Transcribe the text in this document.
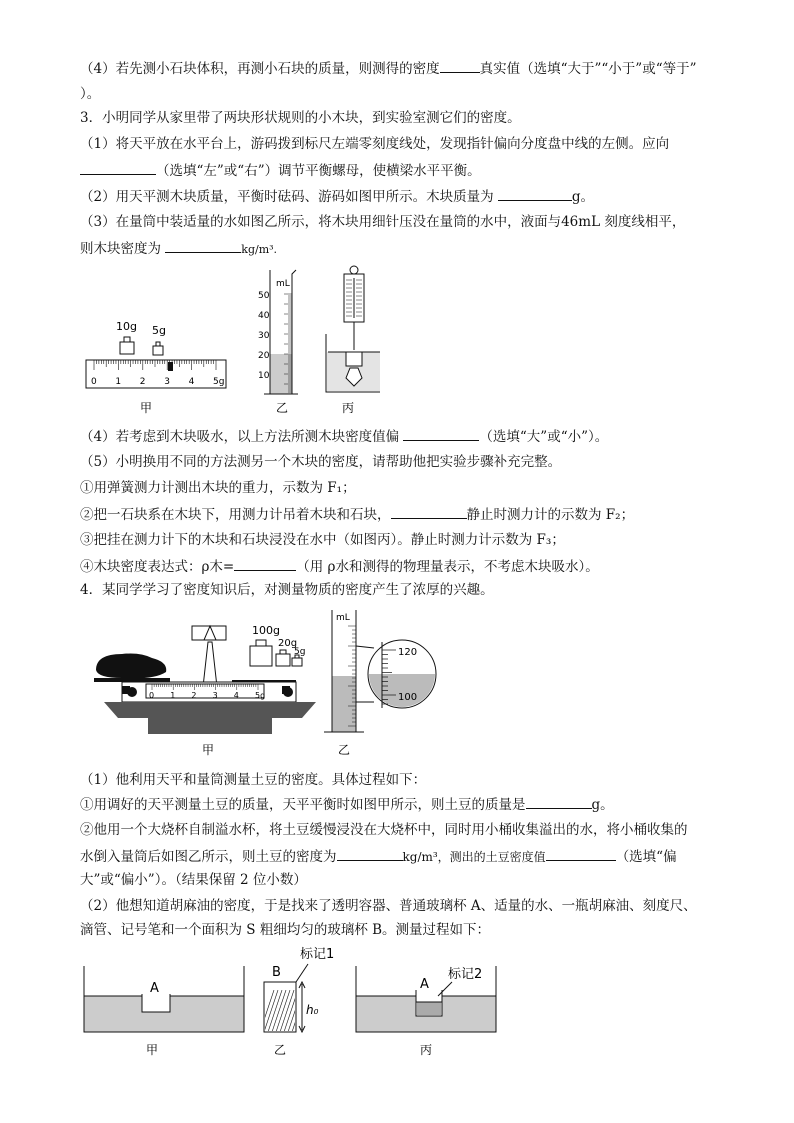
（4）若先测小石块体积，再测小石块的质量，则测得的密度	真实值（选填“大于”“小于”或“等于”
）。
3．小明同学从家里带了两块形状规则的小木块，到实验室测它们的密度。
（1）将天平放在水平台上，游码拨到标尺左端零刻度线处，发现指针偏向分度盘中线的左侧。应向
（选填“左”或“右”）调节平衡螺母，使横梁水平平衡。
（2）用天平测木块质量，平衡时砝码、游码如图甲所示。木块质量为	g。
（3）在量筒中装适量的水如图乙所示，将木块用细针压没在量筒的水中，液面与46mL 刻度线相平，
则木块密度为	kg/m³.
10g 5g
0 1 2 3 4 5g
甲
mL
50
40
30
20
10
乙	丙
（4）若考虑到木块吸水，以上方法所测木块密度值偏	（选填“大”或“小”）。
（5）小明换用不同的方法测另一个木块的密度，请帮助他把实验步骤补充完整。
①用弹簧测力计测出木块的重力，示数为 F₁；
②把一石块系在木块下，用测力计吊着木块和石块，	静止时测力计的示数为 F₂；
③把挂在测力计下的木块和石块浸没在水中（如图丙）。静止时测力计示数为 F₃；
④木块密度表达式：ρ木=	（用 ρ水和测得的物理量表示，不考虑木块吸水）。
4．某同学学习了密度知识后，对测量物质的密度产生了浓厚的兴趣。
0 1 2 3 4 5g
100g
20g
5g
甲
mL
120
100
乙
（1）他利用天平和量筒测量土豆的密度。具体过程如下：
①用调好的天平测量土豆的质量，天平平衡时如图甲所示，则土豆的质量是	g。
②他用一个大烧杯自制溢水杯，将土豆缓慢浸没在大烧杯中，同时用小桶收集溢出的水，将小桶收集的
水倒入量筒后如图乙所示，则土豆的密度为	kg/m³，测出的土豆密度值	（选填“偏
大”或“偏小”）。（结果保留 2 位小数）
（2）他想知道胡麻油的密度，于是找来了透明容器、普通玻璃杯 A、适量的水、一瓶胡麻油、刻度尺、
滴管、记号笔和一个面积为 S 粗细均匀的玻璃杯 B。测量过程如下：
A
甲
B
标记1
h₀
乙
A
标记2
丙
